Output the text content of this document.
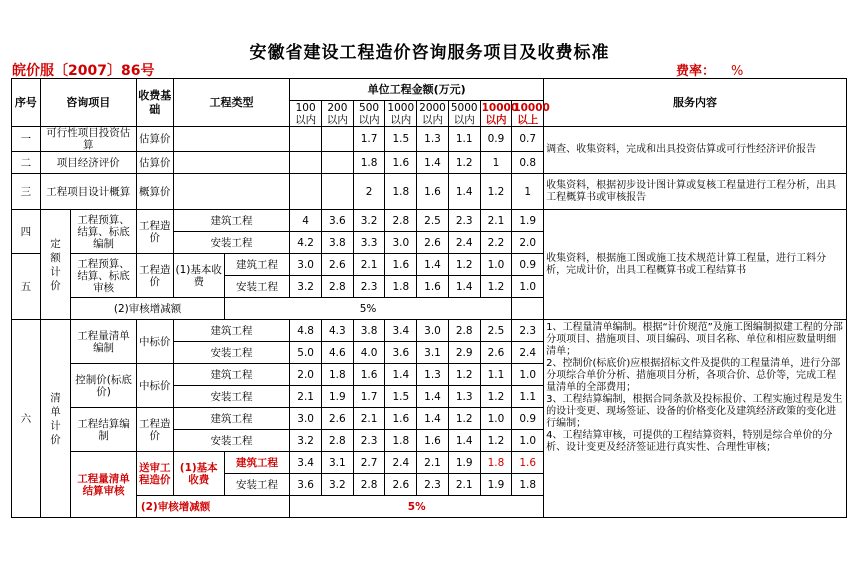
安徽省建设工程造价咨询服务项目及收费标准
皖价服〔2007〕86号	费率： %
序号	咨询项目		收费基础	工程类型		单位工程金额(万元)								服务内容
						100以内	200以内	500以内	1000以内	2000以内	5000以内	10000以内	10000以上	
一	可行性项目投资估算		估算价					1.7	1.5	1.3	1.1	0.9	0.7	调查、收集资料，完成和出具投资估算或可行性经济评价报告
二	项目经济评价		估算价					1.8	1.6	1.4	1.2	1	0.8	
三	工程项目设计概算		概算价					2	1.8	1.6	1.4	1.2	1	收集资料，根据初步设计图计算或复核工程量进行工程分析，出具工程概算书或审核报告
四	定额计价	工程预算、结算、标底编制	工程造价	建筑工程		4	3.6	3.2	2.8	2.5	2.3	2.1	1.9	收集资料，根据施工图或施工技术规范计算工程量，进行工料分析，完成计价，出具工程概算书或工程结算书
				安装工程		4.2	3.8	3.3	3.0	2.6	2.4	2.2	2.0	
五		工程预算、结算、标底审核	工程造价	(1)基本收费	建筑工程	3.0	2.6	2.1	1.6	1.4	1.2	1.0	0.9	
					安装工程	3.2	2.8	2.3	1.8	1.6	1.4	1.2	1.0	
		(2)审核增减额			5%									
六	清单计价	工程量清单编制	中标价	建筑工程		4.8	4.3	3.8	3.4	3.0	2.8	2.5	2.3	1、工程量清单编制。根据“计价规范”及施工图编制拟建工程的分部分项项目、措施项目、项目编码、项目名称、单位和相应数量明细清单；
2、控制价(标底价)应根据招标文件及提供的工程量清单，进行分部分项综合单价分析、措施项目分析，各项合价、总价等，完成工程量清单的全部费用；
3、工程结算编制，根据合同条款及投标报价、工程实施过程是发生的设计变更、现场签证、设备的价格变化及建筑经济政策的变化进行编制；
4、工程结算审核，可提供的工程结算资料，特别是综合单价的分析、设计变更及经济签证进行真实性、合理性审核；
				安装工程		5.0	4.6	4.0	3.6	3.1	2.9	2.6	2.4	
		控制价(标底价)	中标价	建筑工程		2.0	1.8	1.6	1.4	1.3	1.2	1.1	1.0	
				安装工程		2.1	1.9	1.7	1.5	1.4	1.3	1.2	1.1	
		工程结算编制	工程造价	建筑工程		3.0	2.6	2.1	1.6	1.4	1.2	1.0	0.9	
				安装工程		3.2	2.8	2.3	1.8	1.6	1.4	1.2	1.0	
		工程量清单结算审核	送审工程造价	(1)基本收费	建筑工程	3.4	3.1	2.7	2.4	2.1	1.9	1.8	1.6	
					安装工程	3.6	3.2	2.8	2.6	2.3	2.1	1.9	1.8	
			(2)审核增减额			5%								
